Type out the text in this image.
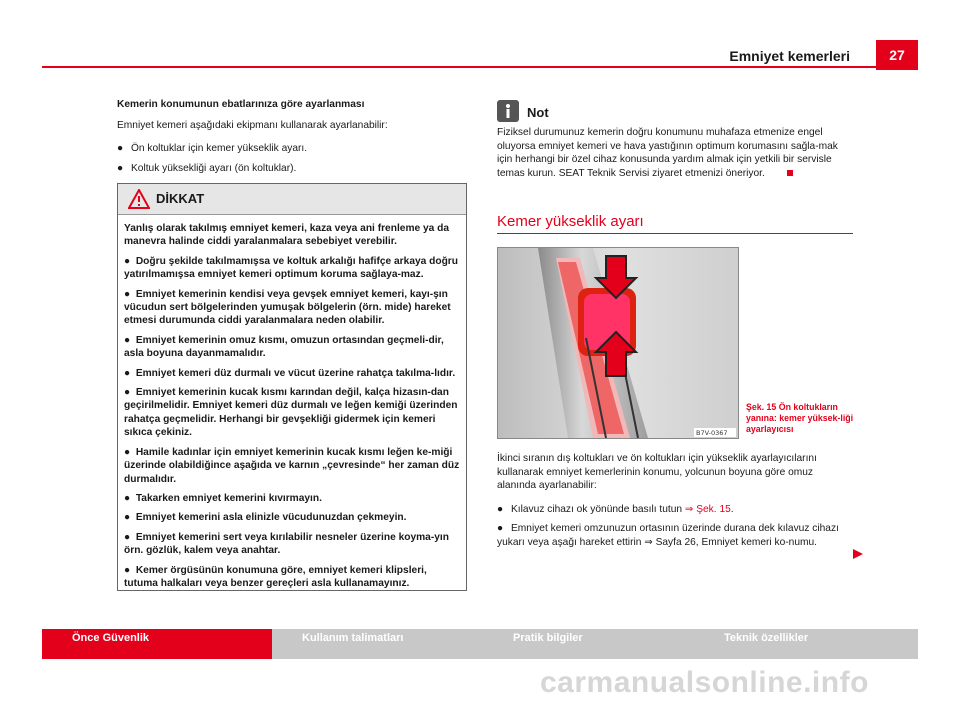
Emniyet kemerleri	27
Kemerin konumunun ebatlarınıza göre ayarlanması
Emniyet kemeri aşağıdaki ekipmanı kullanarak ayarlanabilir:
● Ön koltuklar için kemer yükseklik ayarı.
● Koltuk yüksekliği ayarı (ön koltuklar).
DİKKAT

Yanlış olarak takılmış emniyet kemeri, kaza veya ani frenleme ya da manevra halinde ciddi yaralanmalara sebebiyet verebilir.

●  Doğru şekilde takılmamışsa ve koltuk arkalığı hafifçe arkaya doğru yatırılmamışsa emniyet kemeri optimum koruma sağlaya-maz.

●  Emniyet kemerinin kendisi veya gevşek emniyet kemeri, kayı-şın vücudun sert bölgelerinden yumuşak bölgelerin (örn. mide) hareket etmesi durumunda ciddi yaralanmalara neden olabilir.

●  Emniyet kemerinin omuz kısmı, omuzun ortasından geçmeli-dir, asla boyuna dayanmamalıdır.

●  Emniyet kemeri düz durmalı ve vücut üzerine rahatça takılma-lıdır.

●  Emniyet kemerinin kucak kısmı karından değil, kalça hizasın-dan geçirilmelidir. Emniyet kemeri düz durmalı ve leğen kemiği üzerinden rahatça geçmelidir. Herhangi bir gevşekliği gidermek için kemeri sıkıca çekiniz.

●  Hamile kadınlar için emniyet kemerinin kucak kısmı leğen ke-miği üzerinde olabildiğince aşağıda ve karnın „çevresinde“ her zaman düz durmalıdır.

●  Takarken emniyet kemerini kıvırmayın.

●  Emniyet kemerini asla elinizle vücudunuzdan çekmeyin.

●  Emniyet kemerini sert veya kırılabilir nesneler üzerine koyma-yın örn. gözlük, kalem veya anahtar.

●  Kemer örgüsünün konumuna göre, emniyet kemeri klipsleri, tutuma halkaları veya benzer gereçleri asla kullanamayınız.

Not
Fiziksel durumunuz kemerin doğru konumunu muhafaza etmenize engel oluyorsa emniyet kemeri ve hava yastığının optimum korumasını sağla-mak için herhangi bir özel cihaz konusunda yardım almak için yetkili bir servisle temas kurun. SEAT Teknik Servisi ziyaret etmenizi öneriyor.
Kemer yükseklik ayarı
B7V-0367
Şek. 15 Ön koltukların yanına: kemer yüksek-liği ayarlayıcısı
İkinci sıranın dış koltukları ve ön koltukları için yükseklik ayarlayıcılarını kullanarak emniyet kemerlerinin konumu, yolcunun boyuna göre omuz alanında ayarlanabilir:
● Kılavuz cihazı ok yönünde basılı tutun ⇒ Şek. 15.
● Emniyet kemeri omzunuzun ortasının üzerinde durana dek kılavuz cihazı yukarı veya aşağı hareket ettirin ⇒ Sayfa 26, Emniyet kemeri ko-numu.
Önce Güvenlik	Kullanım talimatları	Pratik bilgiler	Teknik özellikler
carmanualsonline.info
